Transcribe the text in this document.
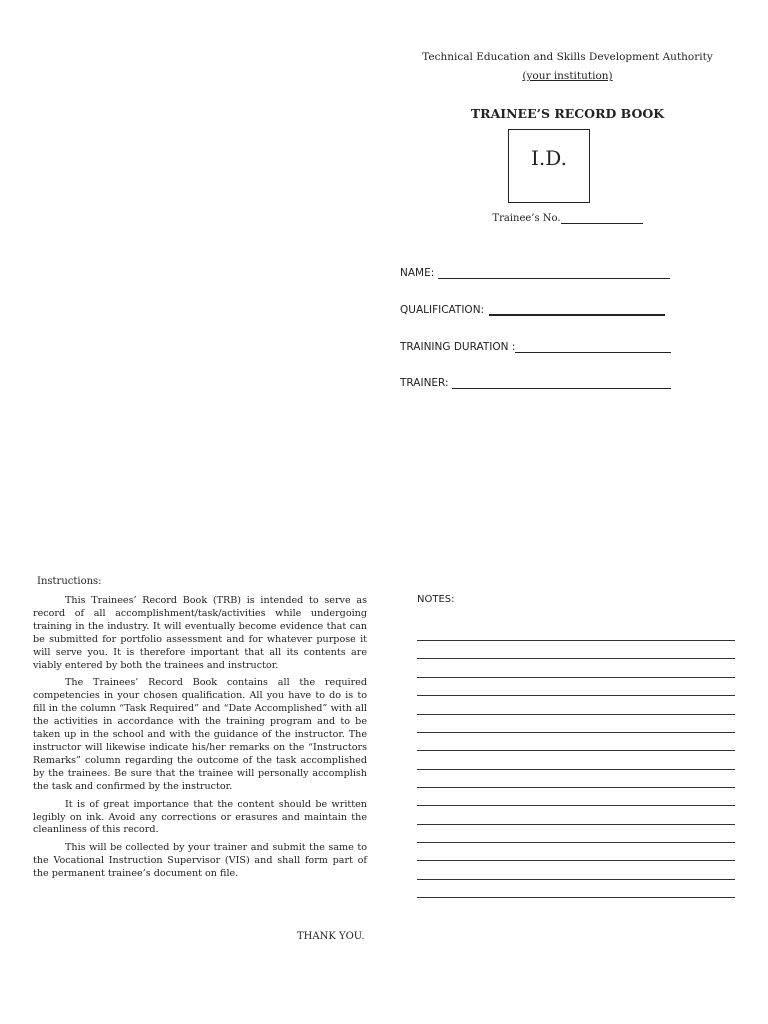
Technical Education and Skills Development Authority
(your institution)
TRAINEE’S RECORD BOOK
I.D.
Trainee’s No.
NAME:
QUALIFICATION:
TRAINING DURATION :
TRAINER:
Instructions:

This Trainees’ Record Book (TRB) is intended to serve as record of all accomplishment/task/activities while undergoing training in the industry. It will eventually become evidence that can be submitted for portfolio assessment and for whatever purpose it will serve you. It is therefore important that all its contents are viably entered by both the trainees and instructor.

The Trainees’ Record Book contains all the required competencies in your chosen qualification. All you have to do is to fill in the column “Task Required” and “Date Accomplished” with all the activities in accordance with the training program and to be taken up in the school and with the guidance of the instructor. The instructor will likewise indicate his/her remarks on the “Instructors Remarks” column regarding the outcome of the task accomplished by the trainees. Be sure that the trainee will personally accomplish the task and confirmed by the instructor.

It is of great importance that the content should be written legibly on ink. Avoid any corrections or erasures and maintain the cleanliness of this record.

This will be collected by your trainer and submit the same to the Vocational Instruction Supervisor (VIS) and shall form part of the permanent trainee’s document on file.

THANK YOU.
NOTES:
